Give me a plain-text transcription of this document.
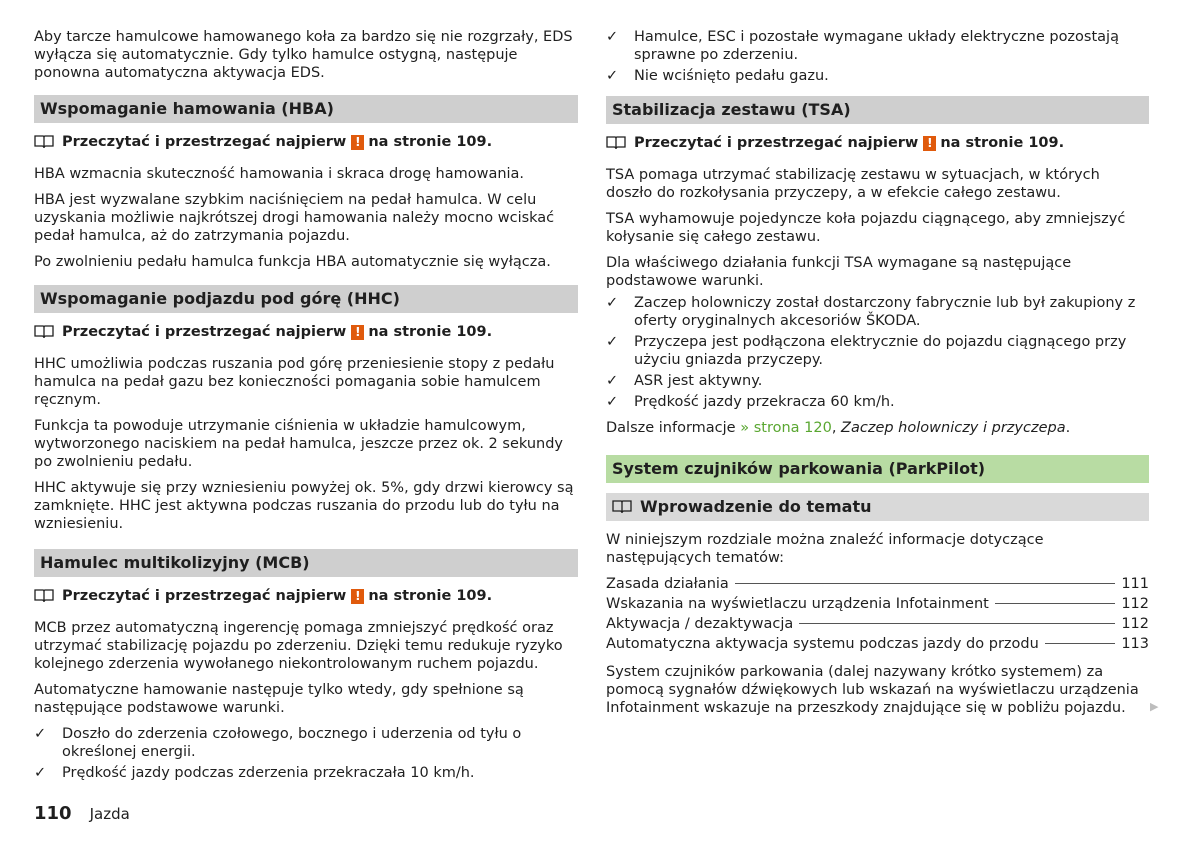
Aby tarcze hamulcowe hamowanego koła za bardzo się nie rozgrzały, EDS wyłącza się automatycznie. Gdy tylko hamulce ostygną, następuje ponowna automatyczna aktywacja EDS.

Wspomaganie hamowania (HBA)
Przeczytać i przestrzegać najpierw ! na stronie 109.

HBA wzmacnia skuteczność hamowania i skraca drogę hamowania.

HBA jest wyzwalane szybkim naciśnięciem na pedał hamulca. W celu uzyskania możliwie najkrótszej drogi hamowania należy mocno wciskać pedał hamulca, aż do zatrzymania pojazdu.

Po zwolnieniu pedału hamulca funkcja HBA automatycznie się wyłącza.

Wspomaganie podjazdu pod górę (HHC)
Przeczytać i przestrzegać najpierw ! na stronie 109.

HHC umożliwia podczas ruszania pod górę przeniesienie stopy z pedału hamulca na pedał gazu bez konieczności pomagania sobie hamulcem ręcznym.

Funkcja ta powoduje utrzymanie ciśnienia w układzie hamulcowym, wytworzonego naciskiem na pedał hamulca, jeszcze przez ok. 2 sekundy po zwolnieniu pedału.

HHC aktywuje się przy wzniesieniu powyżej ok. 5%, gdy drzwi kierowcy są zamknięte. HHC jest aktywna podczas ruszania do przodu lub do tyłu na wzniesieniu.

Hamulec multikolizyjny (MCB)
Przeczytać i przestrzegać najpierw ! na stronie 109.

MCB przez automatyczną ingerencję pomaga zmniejszyć prędkość oraz utrzymać stabilizację pojazdu po zderzeniu. Dzięki temu redukuje ryzyko kolejnego zderzenia wywołanego niekontrolowanym ruchem pojazdu.

Automatyczne hamowanie następuje tylko wtedy, gdy spełnione są następujące podstawowe warunki.

✓ Doszło do zderzenia czołowego, bocznego i uderzenia od tyłu o określonej energii.
✓ Prędkość jazdy podczas zderzenia przekraczała 10 km/h.
✓ Hamulce, ESC i pozostałe wymagane układy elektryczne pozostają sprawne po zderzeniu.
✓ Nie wciśnięto pedału gazu.
Stabilizacja zestawu (TSA)
Przeczytać i przestrzegać najpierw ! na stronie 109.

TSA pomaga utrzymać stabilizację zestawu w sytuacjach, w których doszło do rozkołysania przyczepy, a w efekcie całego zestawu.

TSA wyhamowuje pojedyncze koła pojazdu ciągnącego, aby zmniejszyć kołysanie się całego zestawu.

Dla właściwego działania funkcji TSA wymagane są następujące podstawowe warunki.

✓ Zaczep holowniczy został dostarczony fabrycznie lub był zakupiony z oferty oryginalnych akcesoriów ŠKODA.
✓ Przyczepa jest podłączona elektrycznie do pojazdu ciągnącego przy użyciu gniazda przyczepy.
✓ ASR jest aktywny.
✓ Prędkość jazdy przekracza 60 km/h.

Dalsze informacje » strona 120, Zaczep holowniczy i przyczepa.

System czujników parkowania (ParkPilot)
Wprowadzenie do tematu

W niniejszym rozdziale można znaleźć informacje dotyczące następujących tematów:

Zasada działania	111
Wskazania na wyświetlaczu urządzenia Infotainment	112
Aktywacja / dezaktywacja	112
Automatyczna aktywacja systemu podczas jazdy do przodu	113

System czujników parkowania (dalej nazywany krótko systemem) za pomocą sygnałów dźwiękowych lub wskazań na wyświetlaczu urządzenia Infotainment wskazuje na przeszkody znajdujące się w pobliżu pojazdu.	▶
110 Jazda
